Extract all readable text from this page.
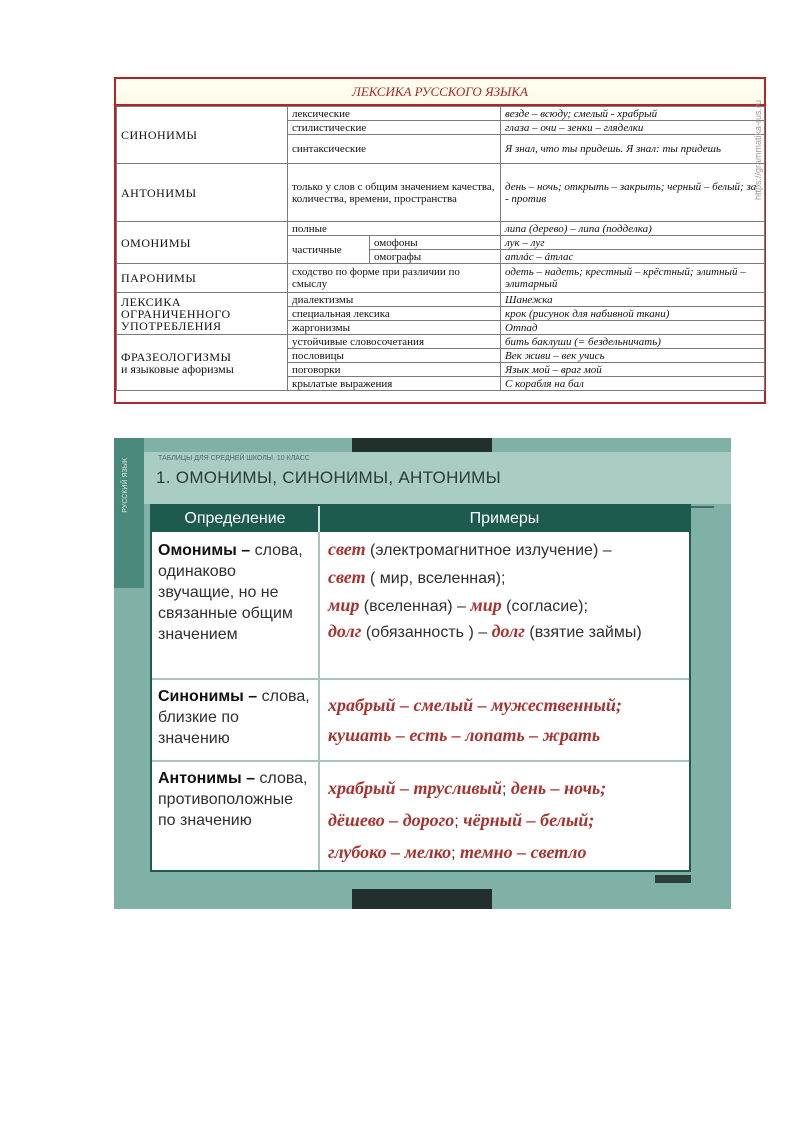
ЛЕКСИКА РУССКОГО ЯЗЫКА
СИНОНИМЫ	лексические		везде – всюду; смелый - храбрый
	стилистические		глаза – очи – зенки – гляделки
	синтаксические		Я знал, что ты придешь. Я знал: ты придешь
АНТОНИМЫ	только у слов с общим значением качества, количества, времени, пространства		день – ночь; открыть – закрыть; черный – белый; за - против
ОМОНИМЫ	полные		липа (дерево) – липа (подделка)
	частичные	омофоны	лук – луг
		омографы	атлáс – áтлас
ПАРОНИМЫ	сходство по форме при различии по смыслу		одеть – надеть; крестный – крёстный; элитный – элитарный
ЛЕКСИКА ОГРАНИЧЕННОГО УПОТРЕБЛЕНИЯ	диалектизмы		Шанежка
	специальная лексика		крок (рисунок для набивной ткани)
	жаргонизмы		Отпад
ФРАЗЕОЛОГИЗМЫ
и языковые афоризмы	устойчивые словосочетания		бить баклуши (= бездельничать)
	пословицы		Век живи – век учись
	поговорки		Язык мой – враг мой
	крылатые выражения		С корабля на бал
https://grammatika-rus.ru
РУССКИЙ ЯЗЫК	ТАБЛИЦЫ ДЛЯ СРЕДНЕЙ ШКОЛЫ. 10 КЛАСС
1. ОМОНИМЫ, СИНОНИМЫ, АНТОНИМЫ
Определение	Примеры
Омонимы – слова, одинаково звучащие, но не связанные общим значением
свет (электромагнитное излучение) –
свет ( мир, вселенная);
мир (вселенная) – мир (согласие);
долг (обязанность ) – долг (взятие займы)
Синонимы – слова, близкие по значению
храбрый – смелый – мужественный;
кушать – есть – лопать – жрать
Антонимы – слова, противоположные по значению
храбрый – трусливый; день – ночь;
дёшево – дорого; чёрный – белый;
глубоко – мелко; темно – светло
